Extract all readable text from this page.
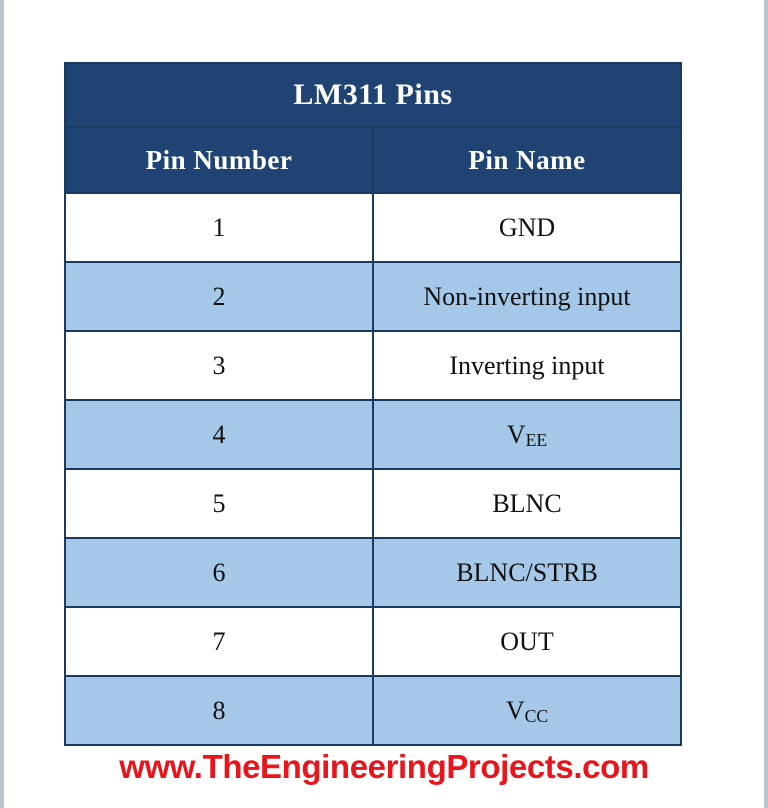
LM311 Pins	
Pin Number	Pin Name
1	GND
2	Non-inverting input
3	Inverting input
4	VEE
5	BLNC
6	BLNC/STRB
7	OUT
8	VCC
www.TheEngineeringProjects.com
